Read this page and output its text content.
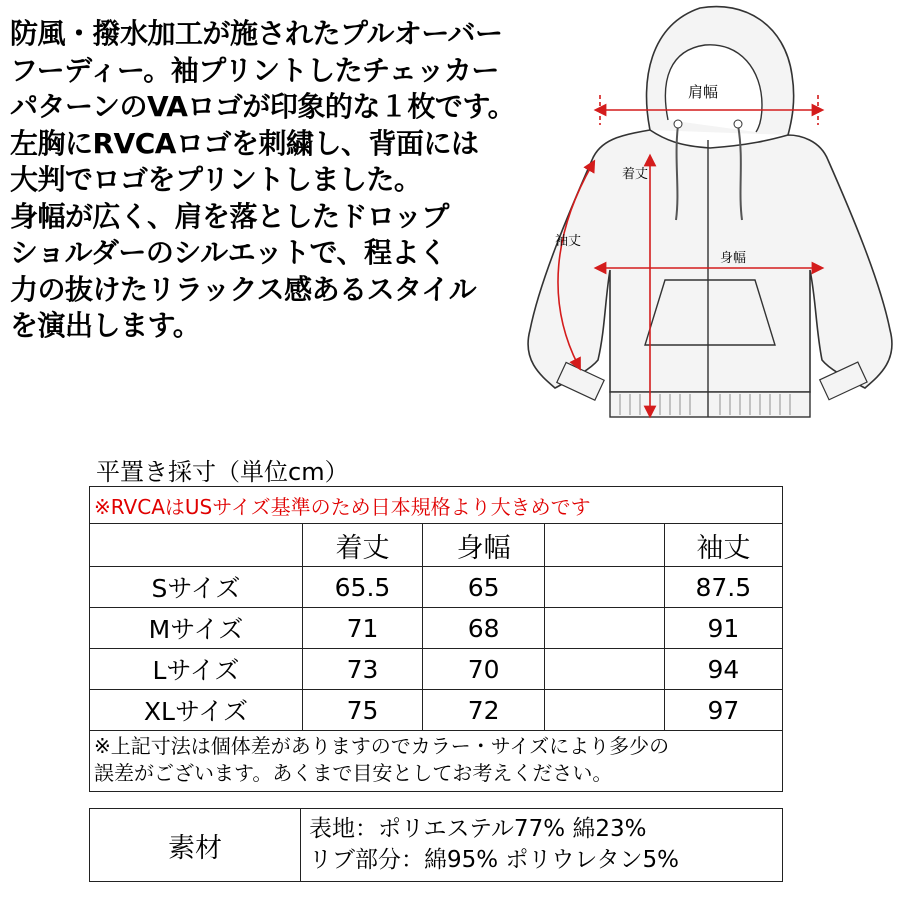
防風・撥水加工が施されたプルオーバー
フーディー。袖プリントしたチェッカー
パターンのVAロゴが印象的な１枚です。
左胸にRVCAロゴを刺繍し、背面には
大判でロゴをプリントしました。
身幅が広く、肩を落としたドロップ
ショルダーのシルエットで、程よく
力の抜けたリラックス感あるスタイル
を演出します。
肩幅
着丈
袖丈
身幅
平置き採寸（単位cm）
※RVCAはUSサイズ基準のため日本規格より大きめです				
	着丈	身幅		袖丈
Sサイズ	65.5	65		87.5
Mサイズ	71	68		91
Lサイズ	73	70		94
XLサイズ	75	72		97

※上記寸法は個体差がありますのでカラー・サイズにより多少の
誤差がございます。あくまで目安としてお考えください。				
素材	
表地：ポリエステル77% 綿23%
リブ部分：綿95% ポリウレタン5%
